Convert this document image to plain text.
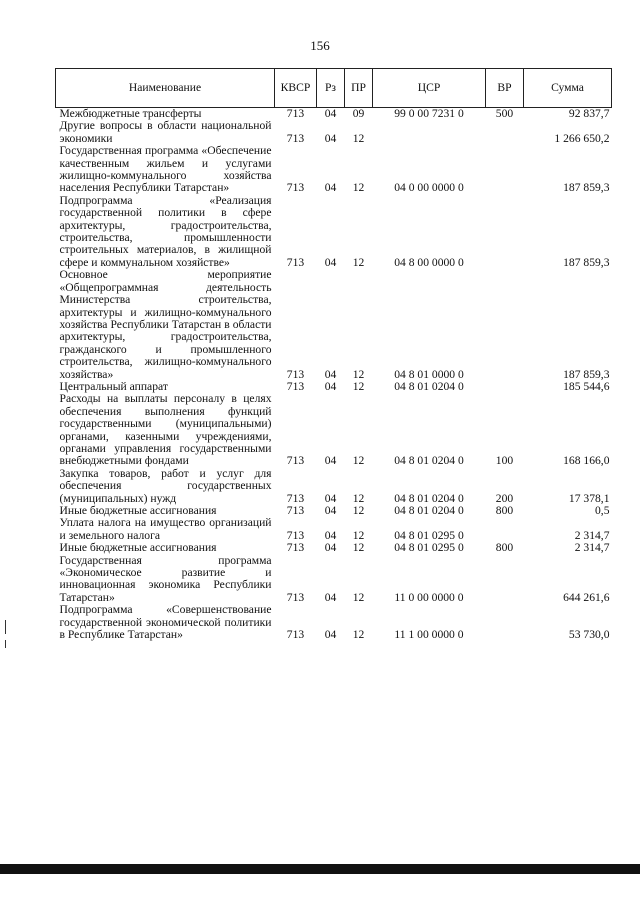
156
Наименование	КВСР	Рз	ПР	ЦСР	ВР	Сумма
Межбюджетные трансферты	713	04	09	99 0 00 7231 0	500	92 837,7
Другие вопросы в области национальной экономики	713	04	12			1 266 650,2
Государственная программа «Обеспечение качественным жильем и услугами жилищно-коммунального хозяйства населения Республики Татарстан»	713	04	12	04 0 00 0000 0		187 859,3
Подпрограмма «Реализация государственной политики в сфере архитектуры, градостроительства, строительства, промышленности строительных материалов, в жилищной сфере и коммунальном хозяйстве»	713	04	12	04 8 00 0000 0		187 859,3
Основное мероприятие «Общепрограммная деятельность Министерства строительства, архитектуры и жилищно-коммунального хозяйства Республики Татарстан в области архитектуры, градостроительства, гражданского и промышленного строительства, жилищно-коммунального хозяйства»	713	04	12	04 8 01 0000 0		187 859,3
Центральный аппарат	713	04	12	04 8 01 0204 0		185 544,6
Расходы на выплаты персоналу в целях обеспечения выполнения функций государственными (муниципальными) органами, казенными учреждениями, органами управления государственными внебюджетными фондами	713	04	12	04 8 01 0204 0	100	168 166,0
Закупка товаров, работ и услуг для обеспечения государственных (муниципальных) нужд	713	04	12	04 8 01 0204 0	200	17 378,1
Иные бюджетные ассигнования	713	04	12	04 8 01 0204 0	800	0,5
Уплата налога на имущество организаций и земельного налога	713	04	12	04 8 01 0295 0		2 314,7
Иные бюджетные ассигнования	713	04	12	04 8 01 0295 0	800	2 314,7
Государственная программа «Экономическое развитие и инновационная экономика Республики Татарстан»	713	04	12	11 0 00 0000 0		644 261,6
Подпрограмма «Совершенствование государственной экономической политики в Республике Татарстан»	713	04	12	11 1 00 0000 0		53 730,0
